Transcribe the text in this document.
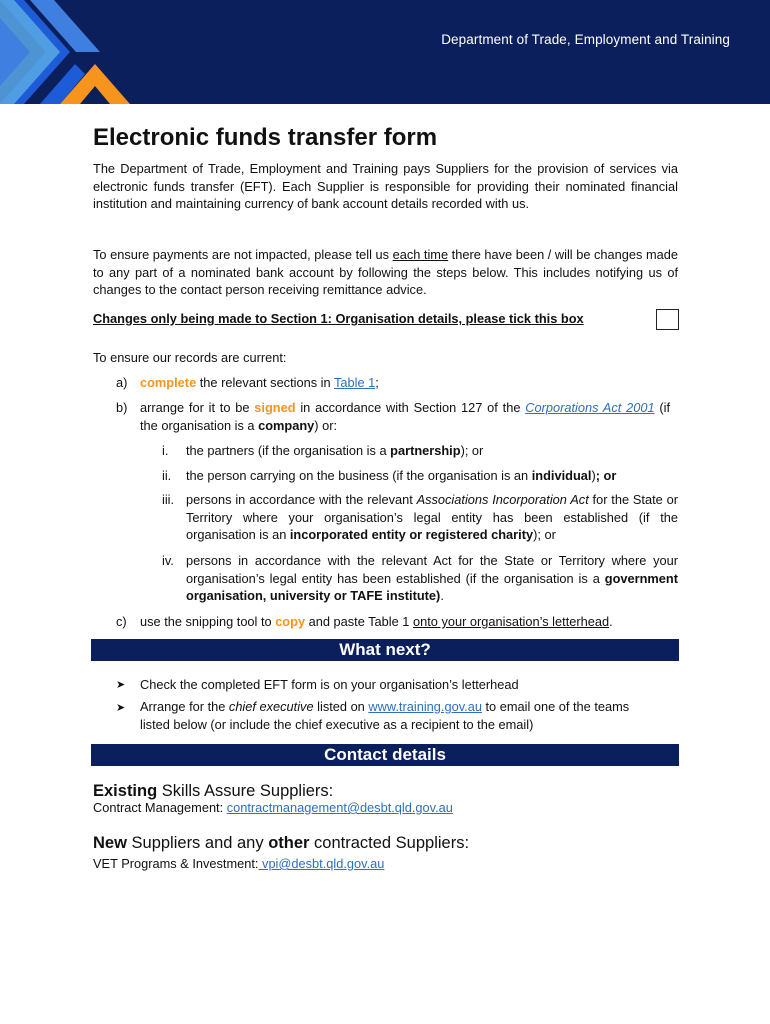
Department of Trade, Employment and Training
Electronic funds transfer form

The Department of Trade, Employment and Training pays Suppliers for the provision of services via electronic funds transfer (EFT). Each Supplier is responsible for providing their nominated financial institution and maintaining currency of bank account details recorded with us.

To ensure payments are not impacted, please tell us each time there have been / will be changes made to any part of a nominated bank account by following the steps below. This includes notifying us of changes to the contact person receiving remittance advice.

Changes only being made to Section 1: Organisation details, please tick this box
To ensure our records are current:
a) complete the relevant sections in Table 1;
b) arrange for it to be signed in accordance with Section 127 of the Corporations Act 2001 (if the organisation is a company) or:
i. the partners (if the organisation is a partnership); or
ii. the person carrying on the business (if the organisation is an individual); or
iii. persons in accordance with the relevant Associations Incorporation Act for the State or Territory where your organisation’s legal entity has been established (if the organisation is an incorporated entity or registered charity); or
iv. persons in accordance with the relevant Act for the State or Territory where your organisation’s legal entity has been established (if the organisation is a government organisation, university or TAFE institute).
c) use the snipping tool to copy and paste Table 1 onto your organisation’s letterhead.
What next?
➤ Check the completed EFT form is on your organisation’s letterhead
➤ Arrange for the chief executive listed on www.training.gov.au to email one of the teams listed below (or include the chief executive as a recipient to the email)
Contact details
Existing Skills Assure Suppliers:
Contract Management: contractmanagement@desbt.qld.gov.au
New Suppliers and any other contracted Suppliers:
VET Programs & Investment: vpi@desbt.qld.gov.au
